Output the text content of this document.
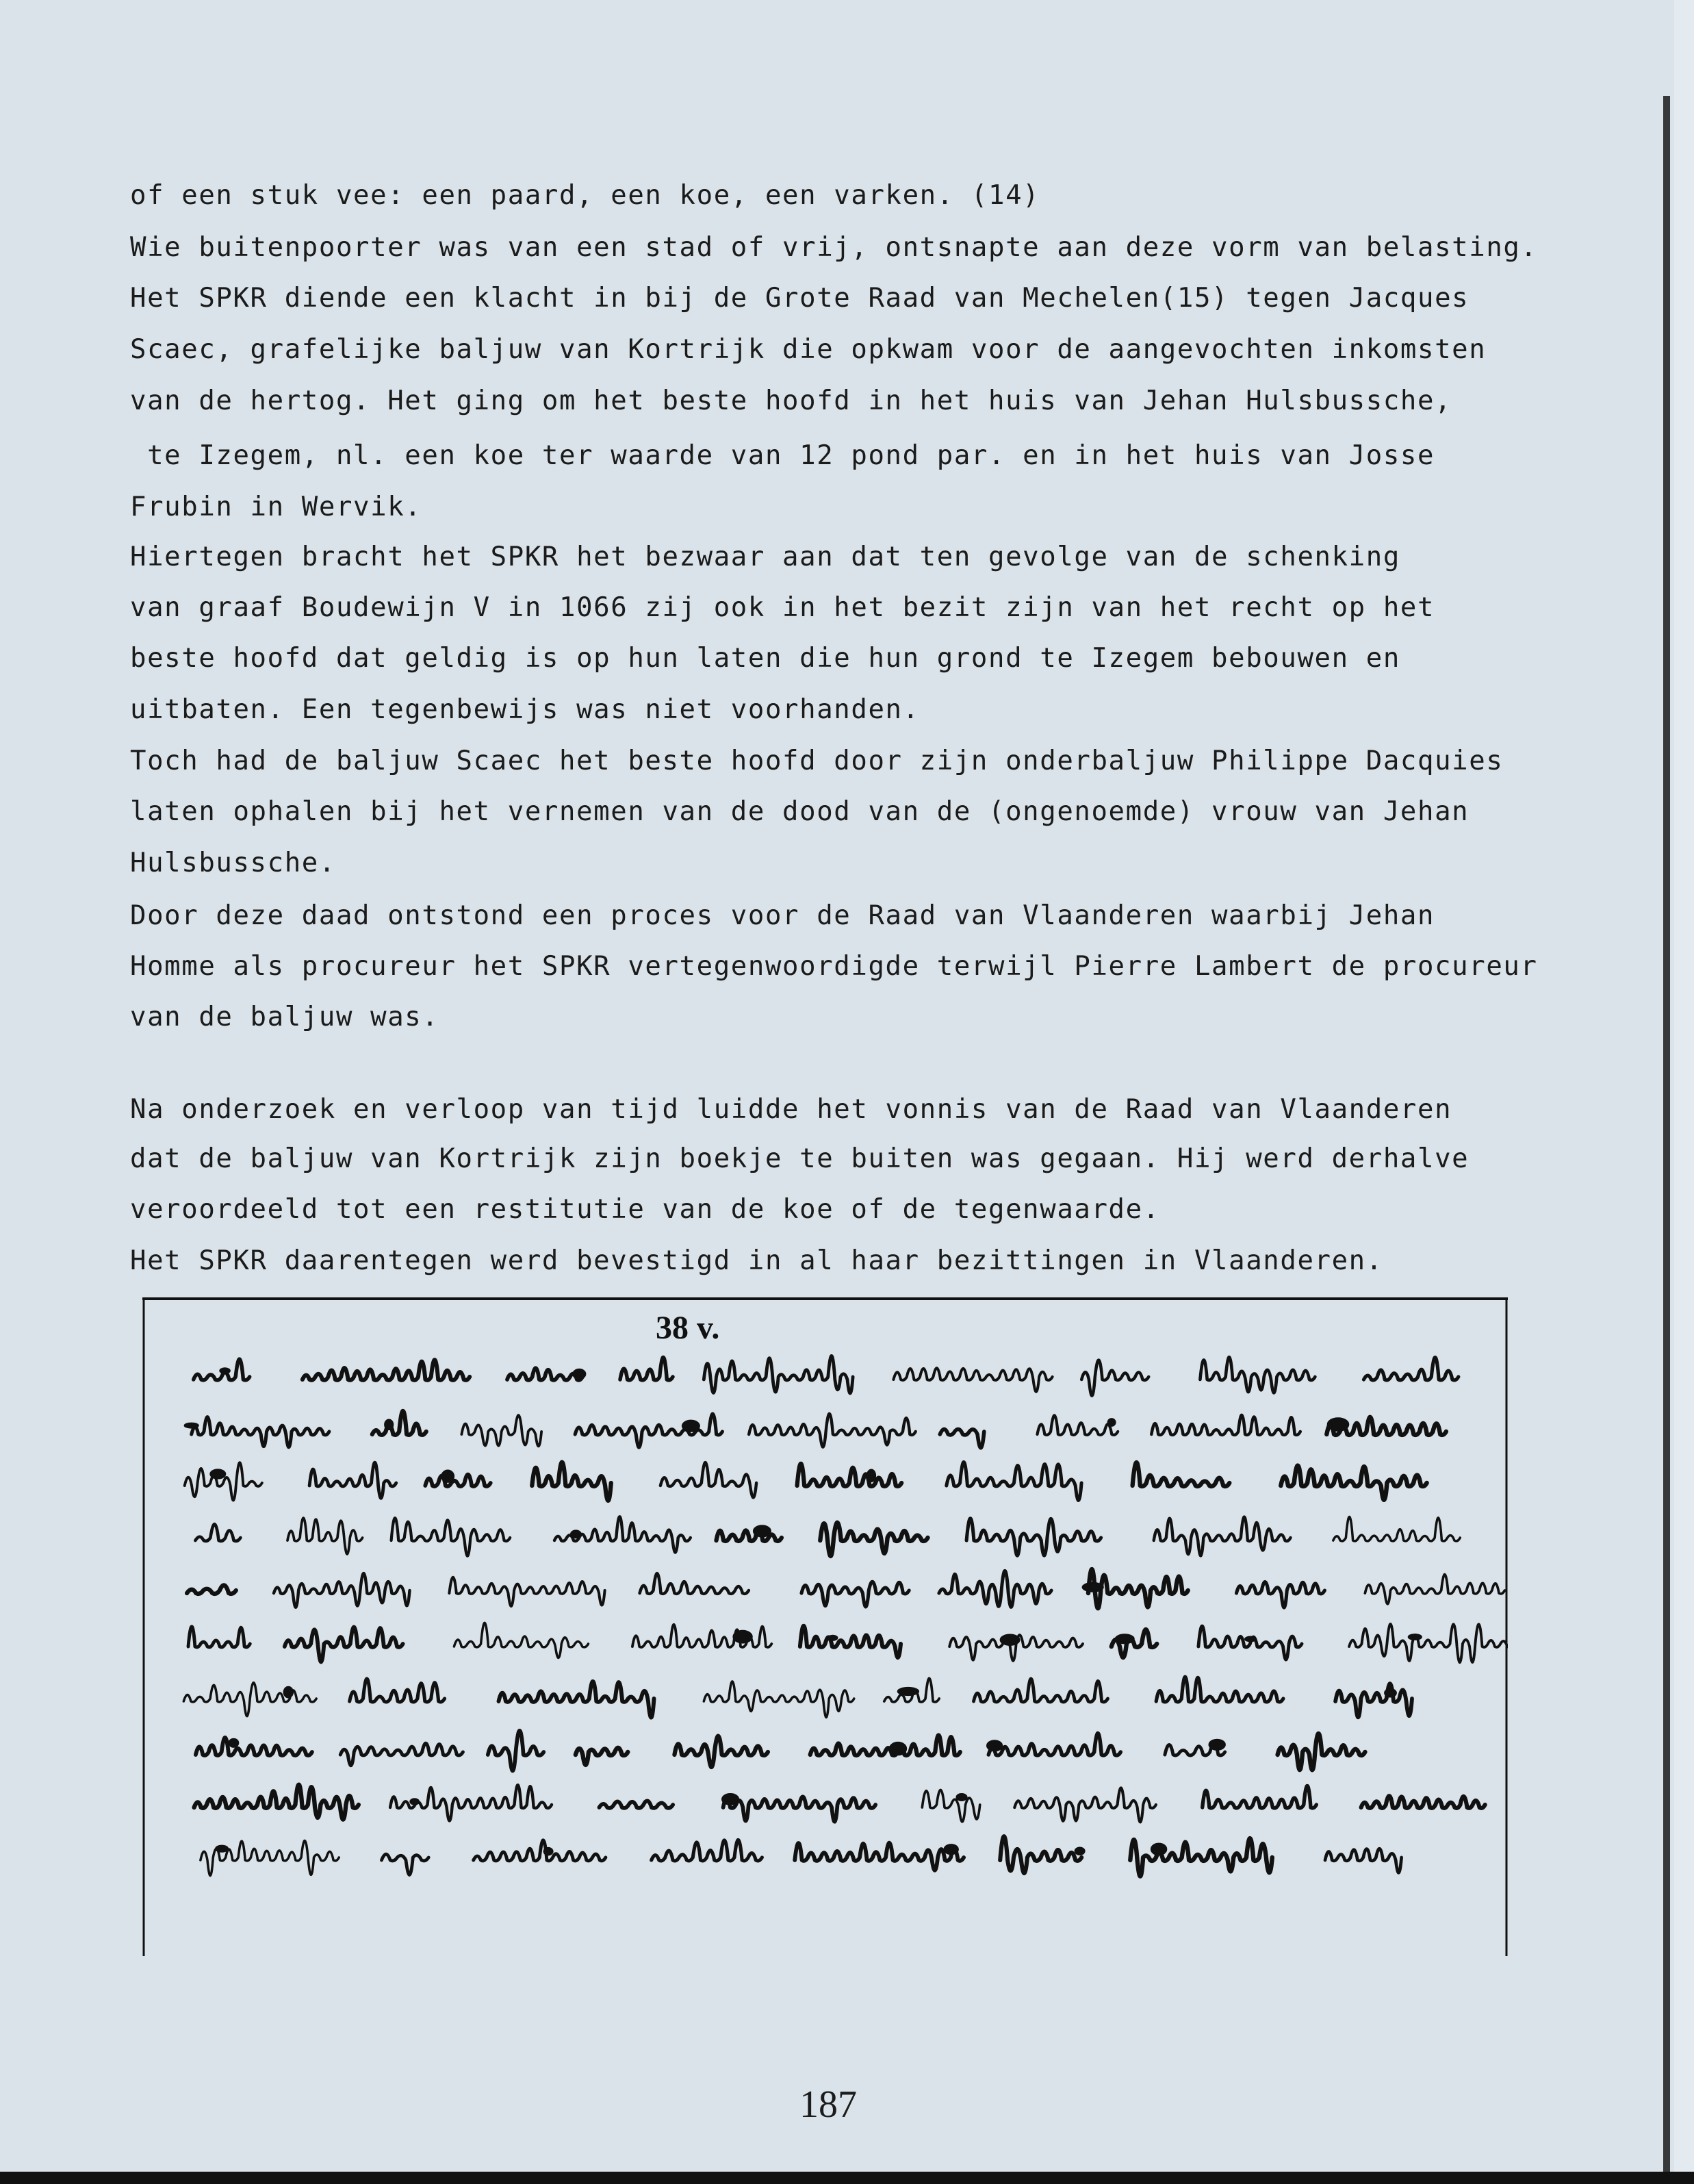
of een stuk vee: een paard, een koe, een varken. (14)
Wie buitenpoorter was van een stad of vrij, ontsnapte aan deze vorm van belasting.
Het SPKR diende een klacht in bij de Grote Raad van Mechelen(15) tegen Jacques
Scaec, grafelijke baljuw van Kortrijk die opkwam voor de aangevochten inkomsten
van de hertog. Het ging om het beste hoofd in het huis van Jehan Hulsbussche,
te Izegem, nl. een koe ter waarde van 12 pond par. en in het huis van Josse
Frubin in Wervik.
Hiertegen bracht het SPKR het bezwaar aan dat ten gevolge van de schenking
van graaf Boudewijn V in 1066 zij ook in het bezit zijn van het recht op het
beste hoofd dat geldig is op hun laten die hun grond te Izegem bebouwen en
uitbaten. Een tegenbewijs was niet voorhanden.
Toch had de baljuw Scaec het beste hoofd door zijn onderbaljuw Philippe Dacquies
laten ophalen bij het vernemen van de dood van de (ongenoemde) vrouw van Jehan
Hulsbussche.
Door deze daad ontstond een proces voor de Raad van Vlaanderen waarbij Jehan
Homme als procureur het SPKR vertegenwoordigde terwijl Pierre Lambert de procureur
van de baljuw was.
Na onderzoek en verloop van tijd luidde het vonnis van de Raad van Vlaanderen
dat de baljuw van Kortrijk zijn boekje te buiten was gegaan. Hij werd derhalve
veroordeeld tot een restitutie van de koe of de tegenwaarde.
Het SPKR daarentegen werd bevestigd in al haar bezittingen in Vlaanderen.
38 v.
187
